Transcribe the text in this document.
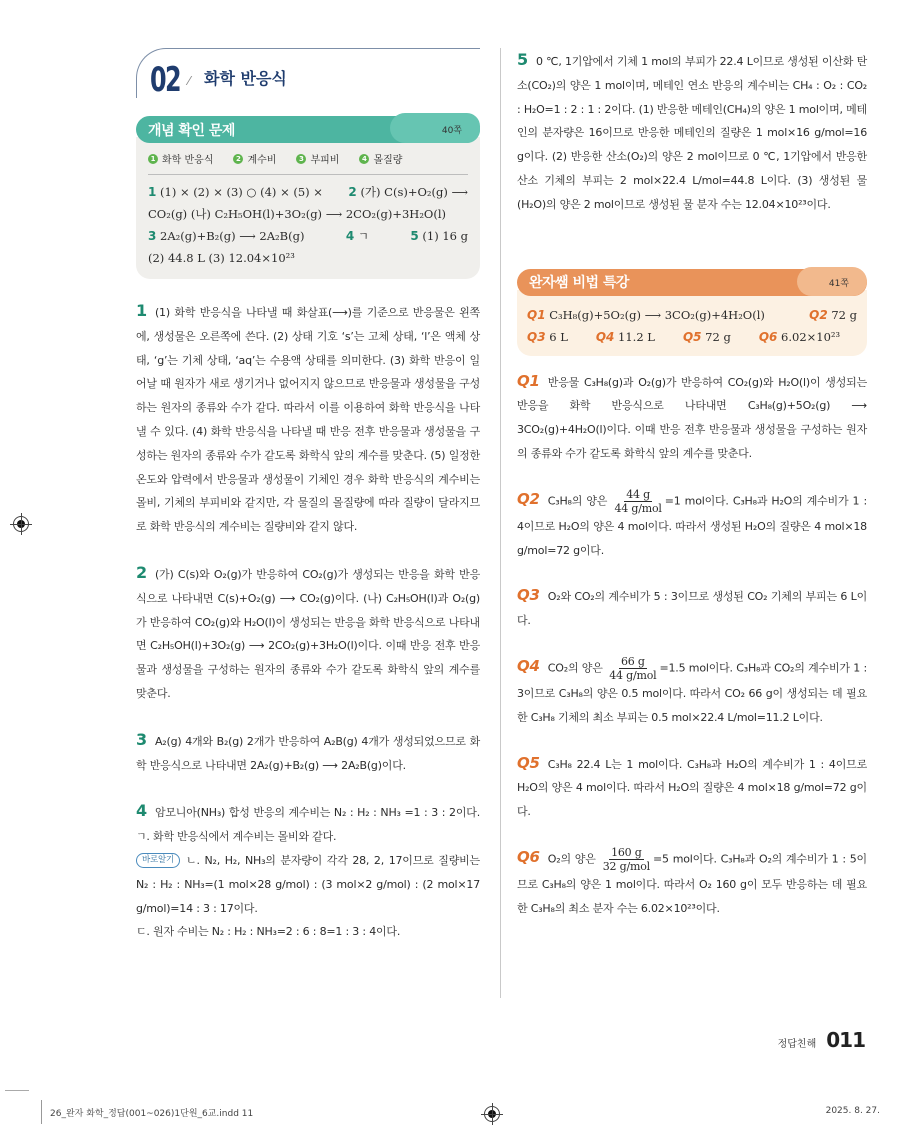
02 ⁄ 화학 반응식
개념 확인 문제	40쪽
1 화학 반응식	2 계수비	3 부피비	4 몰질량
1 (1) × (2) × (3) ○ (4) × (5) × 2 (가) C(s)+O₂(g) ⟶
CO₂(g) (나) C₂H₅OH(l)+3O₂(g) ⟶ 2CO₂(g)+3H₂O(l)
3 2A₂(g)+B₂(g) ⟶ 2A₂B(g)	4 ㄱ	5 (1) 16 g
(2) 44.8 L (3) 12.04×10²³
1 (1) 화학 반응식을 나타낼 때 화살표(⟶)를 기준으로 반응물은 왼쪽에, 생성물은 오른쪽에 쓴다. (2) 상태 기호 ‘s’는 고체 상태, ‘l’은 액체 상태, ‘g’는 기체 상태, ‘aq’는 수용액 상태를 의미한다. (3) 화학 반응이 일어날 때 원자가 새로 생기거나 없어지지 않으므로 반응물과 생성물을 구성하는 원자의 종류와 수가 같다. 따라서 이를 이용하여 화학 반응식을 나타낼 수 있다. (4) 화학 반응식을 나타낼 때 반응 전후 반응물과 생성물을 구성하는 원자의 종류와 수가 같도록 화학식 앞의 계수를 맞춘다. (5) 일정한 온도와 압력에서 반응물과 생성물이 기체인 경우 화학 반응식의 계수비는 몰비, 기체의 부피비와 같지만, 각 물질의 몰질량에 따라 질량이 달라지므로 화학 반응식의 계수비는 질량비와 같지 않다.
2 (가) C(s)와 O₂(g)가 반응하여 CO₂(g)가 생성되는 반응을 화학 반응식으로 나타내면 C(s)+O₂(g) ⟶ CO₂(g)이다. (나) C₂H₅OH(l)과 O₂(g)가 반응하여 CO₂(g)와 H₂O(l)이 생성되는 반응을 화학 반응식으로 나타내면 C₂H₅OH(l)+3O₂(g) ⟶ 2CO₂(g)+3H₂O(l)이다. 이때 반응 전후 반응물과 생성물을 구성하는 원자의 종류와 수가 같도록 화학식 앞의 계수를 맞춘다.
3 A₂(g) 4개와 B₂(g) 2개가 반응하여 A₂B(g) 4개가 생성되었으므로 화학 반응식으로 나타내면 2A₂(g)+B₂(g) ⟶ 2A₂B(g)이다.
4 암모니아(NH₃) 합성 반응의 계수비는 N₂ : H₂ : NH₃ =1 : 3 : 2이다. ㄱ. 화학 반응식에서 계수비는 몰비와 같다.
바로알기 ㄴ. N₂, H₂, NH₃의 분자량이 각각 28, 2, 17이므로 질량비는 N₂ : H₂ : NH₃=(1 mol×28 g/mol) : (3 mol×2 g/mol) : (2 mol×17 g/mol)=14 : 3 : 17이다.
ㄷ. 원자 수비는 N₂ : H₂ : NH₃=2 : 6 : 8=1 : 3 : 4이다.
5 0 ℃, 1기압에서 기체 1 mol의 부피가 22.4 L이므로 생성된 이산화 탄소(CO₂)의 양은 1 mol이며, 메테인 연소 반응의 계수비는 CH₄ : O₂ : CO₂ : H₂O=1 : 2 : 1 : 2이다. (1) 반응한 메테인(CH₄)의 양은 1 mol이며, 메테인의 분자량은 16이므로 반응한 메테인의 질량은 1 mol×16 g/mol=16 g이다. (2) 반응한 산소(O₂)의 양은 2 mol이므로 0 ℃, 1기압에서 반응한 산소 기체의 부피는 2 mol×22.4 L/mol=44.8 L이다. (3) 생성된 물(H₂O)의 양은 2 mol이므로 생성된 물 분자 수는 12.04×10²³이다.
완자쌤 비법 특강	41쪽
Q1 C₃H₈(g)+5O₂(g) ⟶ 3CO₂(g)+4H₂O(l)	Q2 72 g
Q3 6 L Q4 11.2 L Q5 72 g Q6 6.02×10²³
Q1 반응물 C₃H₈(g)과 O₂(g)가 반응하여 CO₂(g)와 H₂O(l)이 생성되는 반응을 화학 반응식으로 나타내면 C₃H₈(g)+5O₂(g) ⟶ 3CO₂(g)+4H₂O(l)이다. 이때 반응 전후 반응물과 생성물을 구성하는 원자의 종류와 수가 같도록 화학식 앞의 계수를 맞춘다.
Q2 C₃H₈의 양은 $\frac{44 g}{\text{44 g/mol}} =1$ mol이다. C₃H₈과 H₂O의 계수비가 1 : 4이므로 H₂O의 양은 4 mol이다. 따라서 생성된 H₂O의 질량은 4 mol×18 g/mol=72 g이다.
Q3 O₂와 CO₂의 계수비가 5 : 3이므로 생성된 CO₂ 기체의 부피는 6 L이다.
Q4 CO₂의 양은 $\frac{66 g}{\text{44 g/mol}} =1.5$ mol이다. C₃H₈과 CO₂의 계수비가 1 : 3이므로 C₃H₈의 양은 0.5 mol이다. 따라서 CO₂ 66 g이 생성되는 데 필요한 C₃H₈ 기체의 최소 부피는 0.5 mol×22.4 L/mol=11.2 L이다.
Q5 C₃H₈ 22.4 L는 1 mol이다. C₃H₈과 H₂O의 계수비가 1 : 4이므로 H₂O의 양은 4 mol이다. 따라서 H₂O의 질량은 4 mol×18 g/mol=72 g이다.
Q6 O₂의 양은 $\frac{160 g}{\text{32 g/mol}} =5$ mol이다. C₃H₈과 O₂의 계수비가 1 : 5이므로 C₃H₈의 양은 1 mol이다. 따라서 O₂ 160 g이 모두 반응하는 데 필요한 C₃H₈의 최소 분자 수는 6.02×10²³이다.
정답친해 011
26_완자 화학_정답(001~026)1단원_6교.indd 11	2025. 8. 27.
